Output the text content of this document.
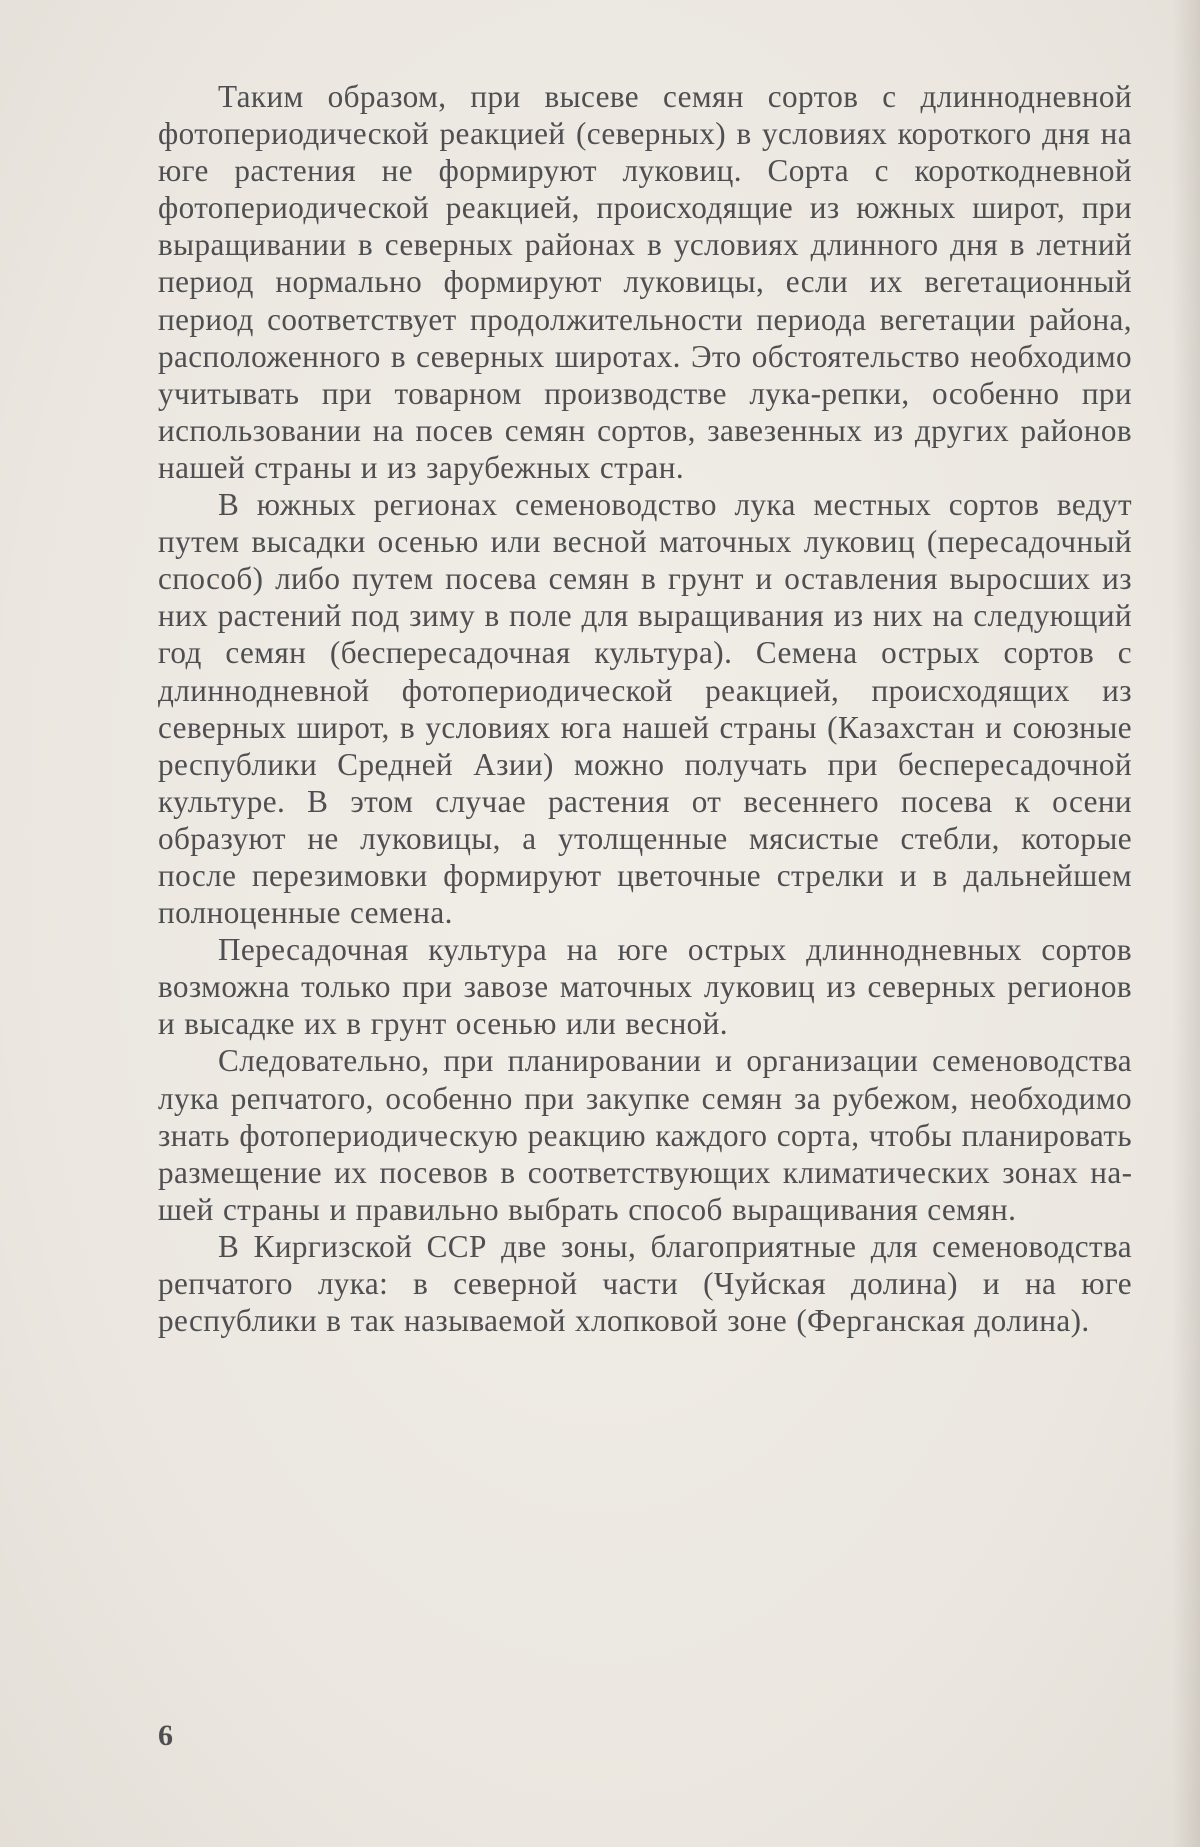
Таким образом, при высеве семян сортов с длиннодневной фотопериодической реакцией (северных) в условиях короткого дня на юге растения не формируют луковиц. Сорта с короткодневной фотопериодической реакцией, происходящие из южных широт, при выращивании в северных районах в условиях длинного дня в летний период нормально формируют луковицы, если их вегетационный период соответствует продолжительности периода вегетации района, расположенного в северных широтах. Это обстоятельство необходимо учитывать при товарном производстве лука-репки, особенно при использовании на посев семян сортов, завезенных из других районов нашей страны и из зарубежных стран.

В южных регионах семеноводство лука местных сортов ведут путем высадки осенью или весной маточных луковиц (пересадочный способ) либо путем посева семян в грунт и оставления выросших из них растений под зиму в поле для выращивания из них на следующий год семян (беспересадочная культура). Семена острых сортов с длиннодневной фотопериодической реакцией, происходящих из северных широт, в условиях юга нашей страны (Казахстан и союзные республики Средней Азии) можно получать при беспересадочной культуре. В этом случае растения от весеннего посева к осени образуют не луковицы, а утолщенные мясистые стебли, которые после перезимовки формируют цветочные стрелки и в дальнейшем полноценные семена.

Пересадочная культура на юге острых длиннодневных сортов возможна только при завозе маточных луковиц из северных регионов и высадке их в грунт осенью или весной.

Следовательно, при планировании и организации семеноводства лука репчатого, особенно при закупке семян за рубежом, необходимо знать фотопериодическую реакцию каждого сорта, чтобы планировать размещение их посевов в соответствующих климатических зонах нашей страны и правильно выбрать способ выращивания семян.

В Киргизской ССР две зоны, благоприятные для семеноводства репчатого лука: в северной части (Чуйская долина) и на юге республики в так называемой хлопковой зоне (Ферганская долина).

6
